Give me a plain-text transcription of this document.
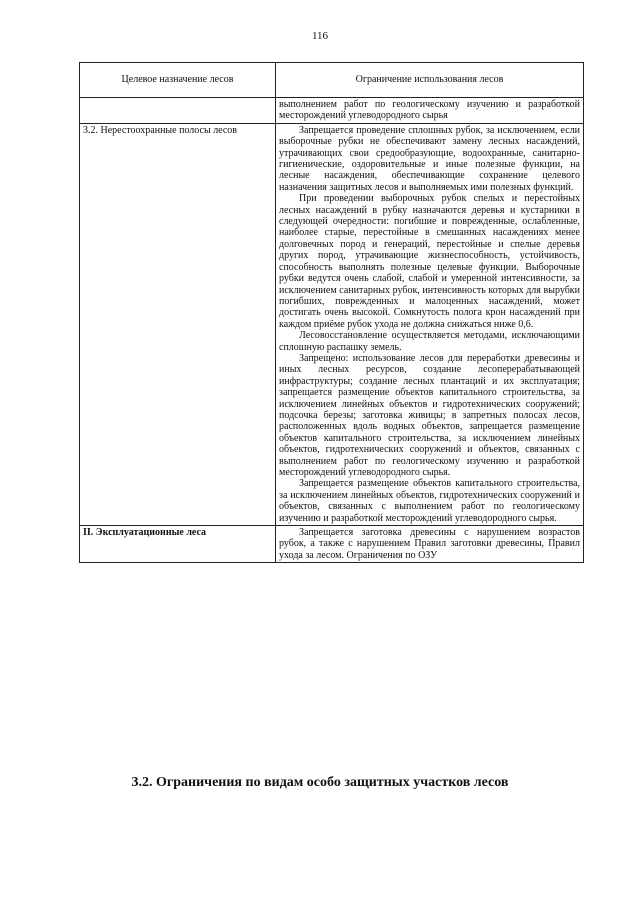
116
Целевое назначение лесов	Ограничение использования лесов

	выполнением работ по геологическому изучению и разработкой месторождений углеводородного сырья

3.2. Нерестоохранные полосы лесов	Запрещается проведение сплошных рубок, за исключением, если выборочные рубки не обеспечивают замену лесных насаждений, утрачивающих свои средообразующие, водоохранные, санитарно-гигиенические, оздоровительные и иные полезные функции, на лесные насаждения, обеспечивающие сохранение целевого назначения защитных лесов и выполняемых ими полезных функций.

При проведении выборочных рубок спелых и перестойных лесных насаждений в рубку назначаются деревья и кустарники в следующей очередности: погибшие и поврежденные, ослабленные, наиболее старые, перестойные в смешанных насаждениях менее долговечных пород и генераций, перестойные и спелые деревья других пород, утрачивающие жизнеспособность, устойчивость, способность выполнять полезные целевые функции. Выборочные рубки ведутся очень слабой, слабой и умеренной интенсивности, за исключением санитарных рубок, интенсивность которых для вырубки погибших, поврежденных и малоценных насаждений, может достигать очень высокой. Сомкнутость полога крон насаждений при каждом приёме рубок ухода не должна снижаться ниже 0,6.

Лесовосстановление осуществляется методами, исключающими сплошную распашку земель.

Запрещено: использование лесов для переработки древесины и иных лесных ресурсов, создание лесоперерабатывающей инфраструктуры; создание лесных плантаций и их эксплуатация; запрещается размещение объектов капитального строительства, за исключением линейных объектов и гидротехнических сооружений; подсочка березы; заготовка живицы; в запретных полосах лесов, расположенных вдоль водных объектов, запрещается размещение объектов капитального строительства, за исключением линейных объектов, гидротехнических сооружений и объектов, связанных с выполнением работ по геологическому изучению и разработкой месторождений углеводородного сырья.

Запрещается размещение объектов капитального строительства, за исключением линейных объектов, гидротехнических сооружений и объектов, связанных с выполнением работ по геологическому изучению и разработкой месторождений углеводородного сырья.

II. Эксплуатационные леса	Запрещается заготовка древесины с нарушением возрастов рубок, а также с нарушением Правил заготовки древесины, Правил ухода за лесом. Ограничения по ОЗУ

3.2. Ограничения по видам особо защитных участков лесов
